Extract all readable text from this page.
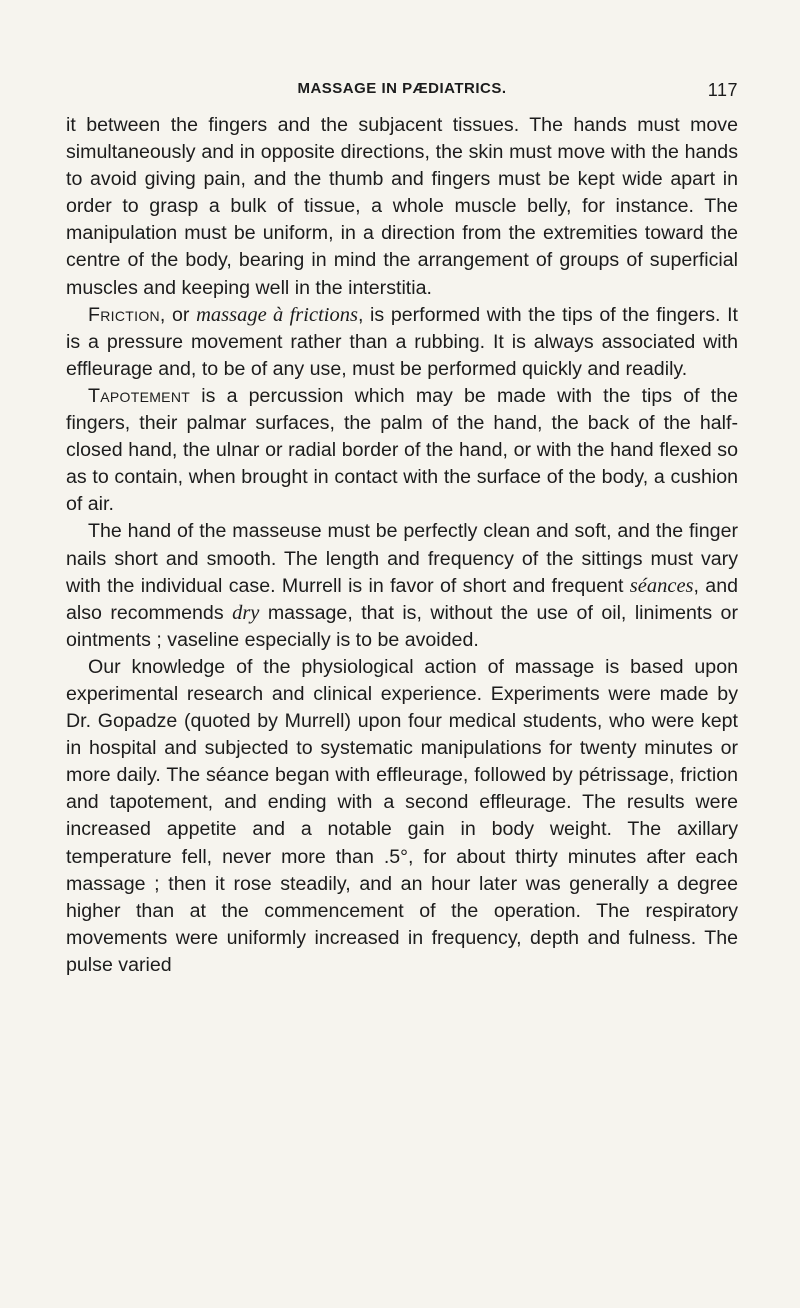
MASSAGE IN PÆDIATRICS.	117

it between the fingers and the subjacent tissues. The hands must move simultaneously and in opposite directions, the skin must move with the hands to avoid giving pain, and the thumb and fingers must be kept wide apart in order to grasp a bulk of tissue, a whole muscle belly, for instance. The manipulation must be uniform, in a direction from the extremities toward the centre of the body, bearing in mind the arrangement of groups of superficial muscles and keeping well in the interstitia.

Friction, or massage à frictions, is performed with the tips of the fingers. It is a pressure movement rather than a rubbing. It is always associated with effleurage and, to be of any use, must be performed quickly and readily.

Tapotement is a percussion which may be made with the tips of the fingers, their palmar surfaces, the palm of the hand, the back of the half-closed hand, the ulnar or radial border of the hand, or with the hand flexed so as to contain, when brought in contact with the surface of the body, a cushion of air.

The hand of the masseuse must be perfectly clean and soft, and the finger nails short and smooth. The length and frequency of the sittings must vary with the individual case. Murrell is in favor of short and frequent séances, and also recommends dry massage, that is, without the use of oil, liniments or ointments ; vaseline especially is to be avoided.

Our knowledge of the physiological action of massage is based upon experimental research and clinical experience. Experiments were made by Dr. Gopadze (quoted by Murrell) upon four medical students, who were kept in hospital and subjected to systematic manipulations for twenty minutes or more daily. The séance began with effleurage, followed by pétrissage, friction and tapotement, and ending with a second effleurage. The results were increased appetite and a notable gain in body weight. The axillary temperature fell, never more than .5°, for about thirty minutes after each massage ; then it rose steadily, and an hour later was generally a degree higher than at the commencement of the operation. The respiratory movements were uniformly increased in frequency, depth and fulness. The pulse varied
